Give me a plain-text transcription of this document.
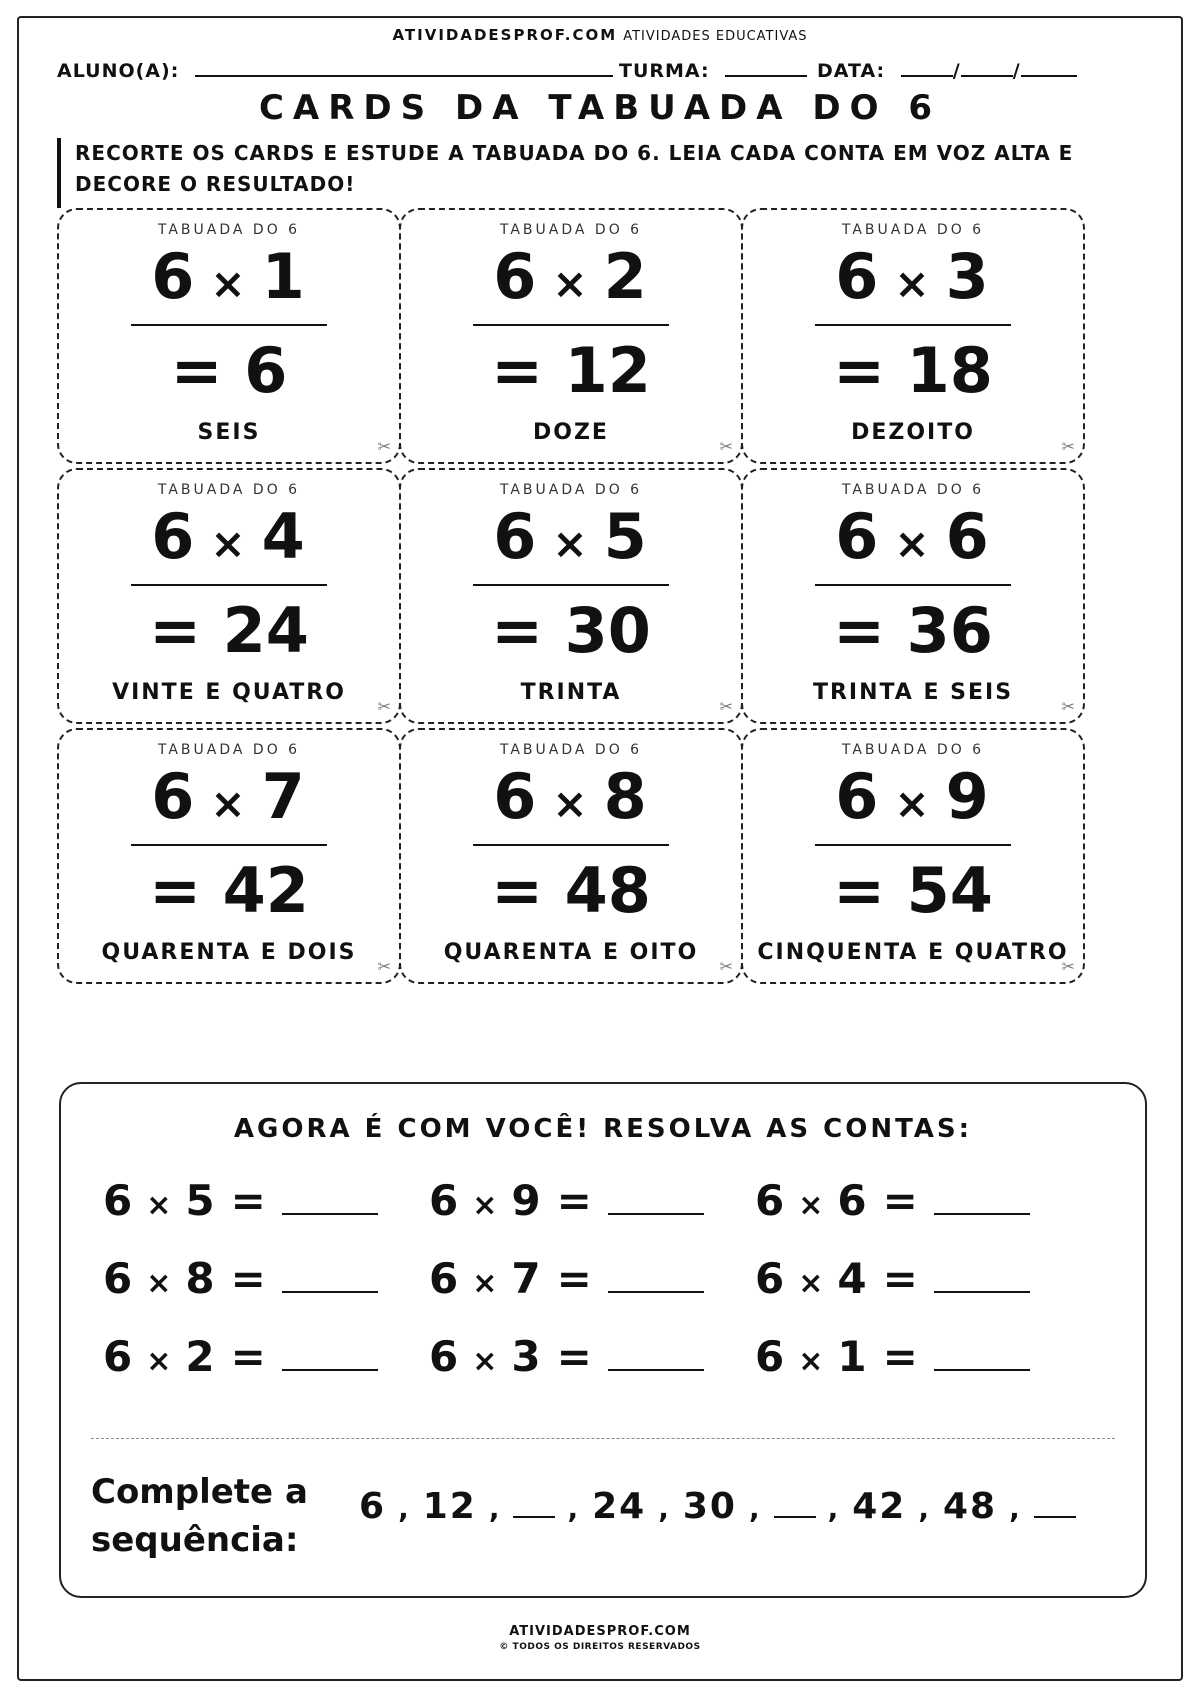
ATIVIDADESPROF.COM ATIVIDADES EDUCATIVAS
ALUNO(A):	TURMA:	DATA:	/	/
CARDS DA TABUADA DO 6
RECORTE OS CARDS E ESTUDE A TABUADA DO 6. LEIA CADA CONTA EM VOZ ALTA E DECORE O RESULTADO!
TABUADA DO 6
6 × 1
= 6
SEIS
✂
TABUADA DO 6
6 × 2
= 12
DOZE
✂
TABUADA DO 6
6 × 3
= 18
DEZOITO
✂
TABUADA DO 6
6 × 4
= 24
VINTE E QUATRO
✂
TABUADA DO 6
6 × 5
= 30
TRINTA
✂
TABUADA DO 6
6 × 6
= 36
TRINTA E SEIS
✂
TABUADA DO 6
6 × 7
= 42
QUARENTA E DOIS
✂
TABUADA DO 6
6 × 8
= 48
QUARENTA E OITO
✂
TABUADA DO 6
6 × 9
= 54
CINQUENTA E QUATRO
✂
AGORA É COM VOCÊ! RESOLVA AS CONTAS:
6 × 5 =	6 × 9 =	6 × 6 =
6 × 8 =	6 × 7 =	6 × 4 =
6 × 2 =	6 × 3 =	6 × 1 =
Complete a
sequência:
6 , 12 , , 24 , 30 , , 42 , 48 ,
ATIVIDADESPROF.COM
© TODOS OS DIREITOS RESERVADOS
